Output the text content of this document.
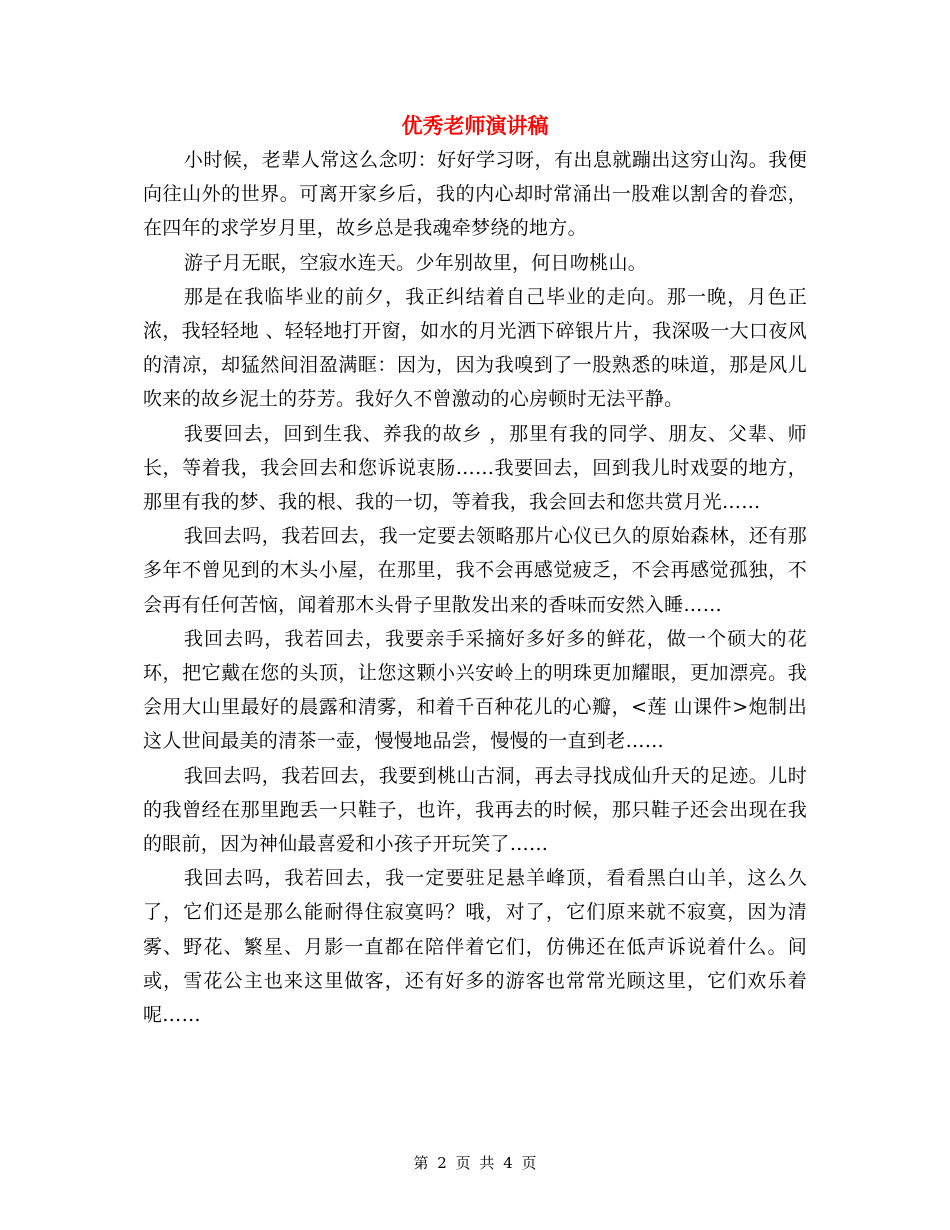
优秀老师演讲稿

小时候，老辈人常这么念叨：好好学习呀，有出息就蹦出这穷山沟。我便向往山外的世界。可离开家乡后，我的内心却时常涌出一股难以割舍的眷恋，在四年的求学岁月里，故乡总是我魂牵梦绕的地方。

游子月无眠，空寂水连天。少年别故里，何日吻桃山。

那是在我临毕业的前夕，我正纠结着自己毕业的走向。那一晚，月色正浓，我轻轻地 、轻轻地打开窗，如水的月光洒下碎银片片，我深吸一大口夜风的清凉，却猛然间泪盈满眶：因为，因为我嗅到了一股熟悉的味道，那是风儿吹来的故乡泥土的芬芳。我好久不曾激动的心房顿时无法平静。

我要回去，回到生我、养我的故乡 ，那里有我的同学、朋友、父辈、师长，等着我，我会回去和您诉说衷肠……我要回去，回到我儿时戏耍的地方，那里有我的梦、我的根、我的一切，等着我，我会回去和您共赏月光……

我回去吗，我若回去，我一定要去领略那片心仪已久的原始森林，还有那多年不曾见到的木头小屋，在那里，我不会再感觉疲乏，不会再感觉孤独，不会再有任何苦恼，闻着那木头骨子里散发出来的香味而安然入睡……

我回去吗，我若回去，我要亲手采摘好多好多的鲜花，做一个硕大的花环，把它戴在您的头顶，让您这颗小兴安岭上的明珠更加耀眼，更加漂亮。我会用大山里最好的晨露和清雾，和着千百种花儿的心瓣，<莲 山课件>炮制出这人世间最美的清茶一壶，慢慢地品尝，慢慢的一直到老……

我回去吗，我若回去，我要到桃山古洞，再去寻找成仙升天的足迹。儿时的我曾经在那里跑丢一只鞋子，也许，我再去的时候，那只鞋子还会出现在我的眼前，因为神仙最喜爱和小孩子开玩笑了……

我回去吗，我若回去，我一定要驻足悬羊峰顶，看看黑白山羊，这么久了，它们还是那么能耐得住寂寞吗？哦，对了，它们原来就不寂寞，因为清雾、野花、繁星、月影一直都在陪伴着它们，仿佛还在低声诉说着什么。间或，雪花公主也来这里做客，还有好多的游客也常常光顾这里，它们欢乐着呢……

第 2 页 共 4 页
